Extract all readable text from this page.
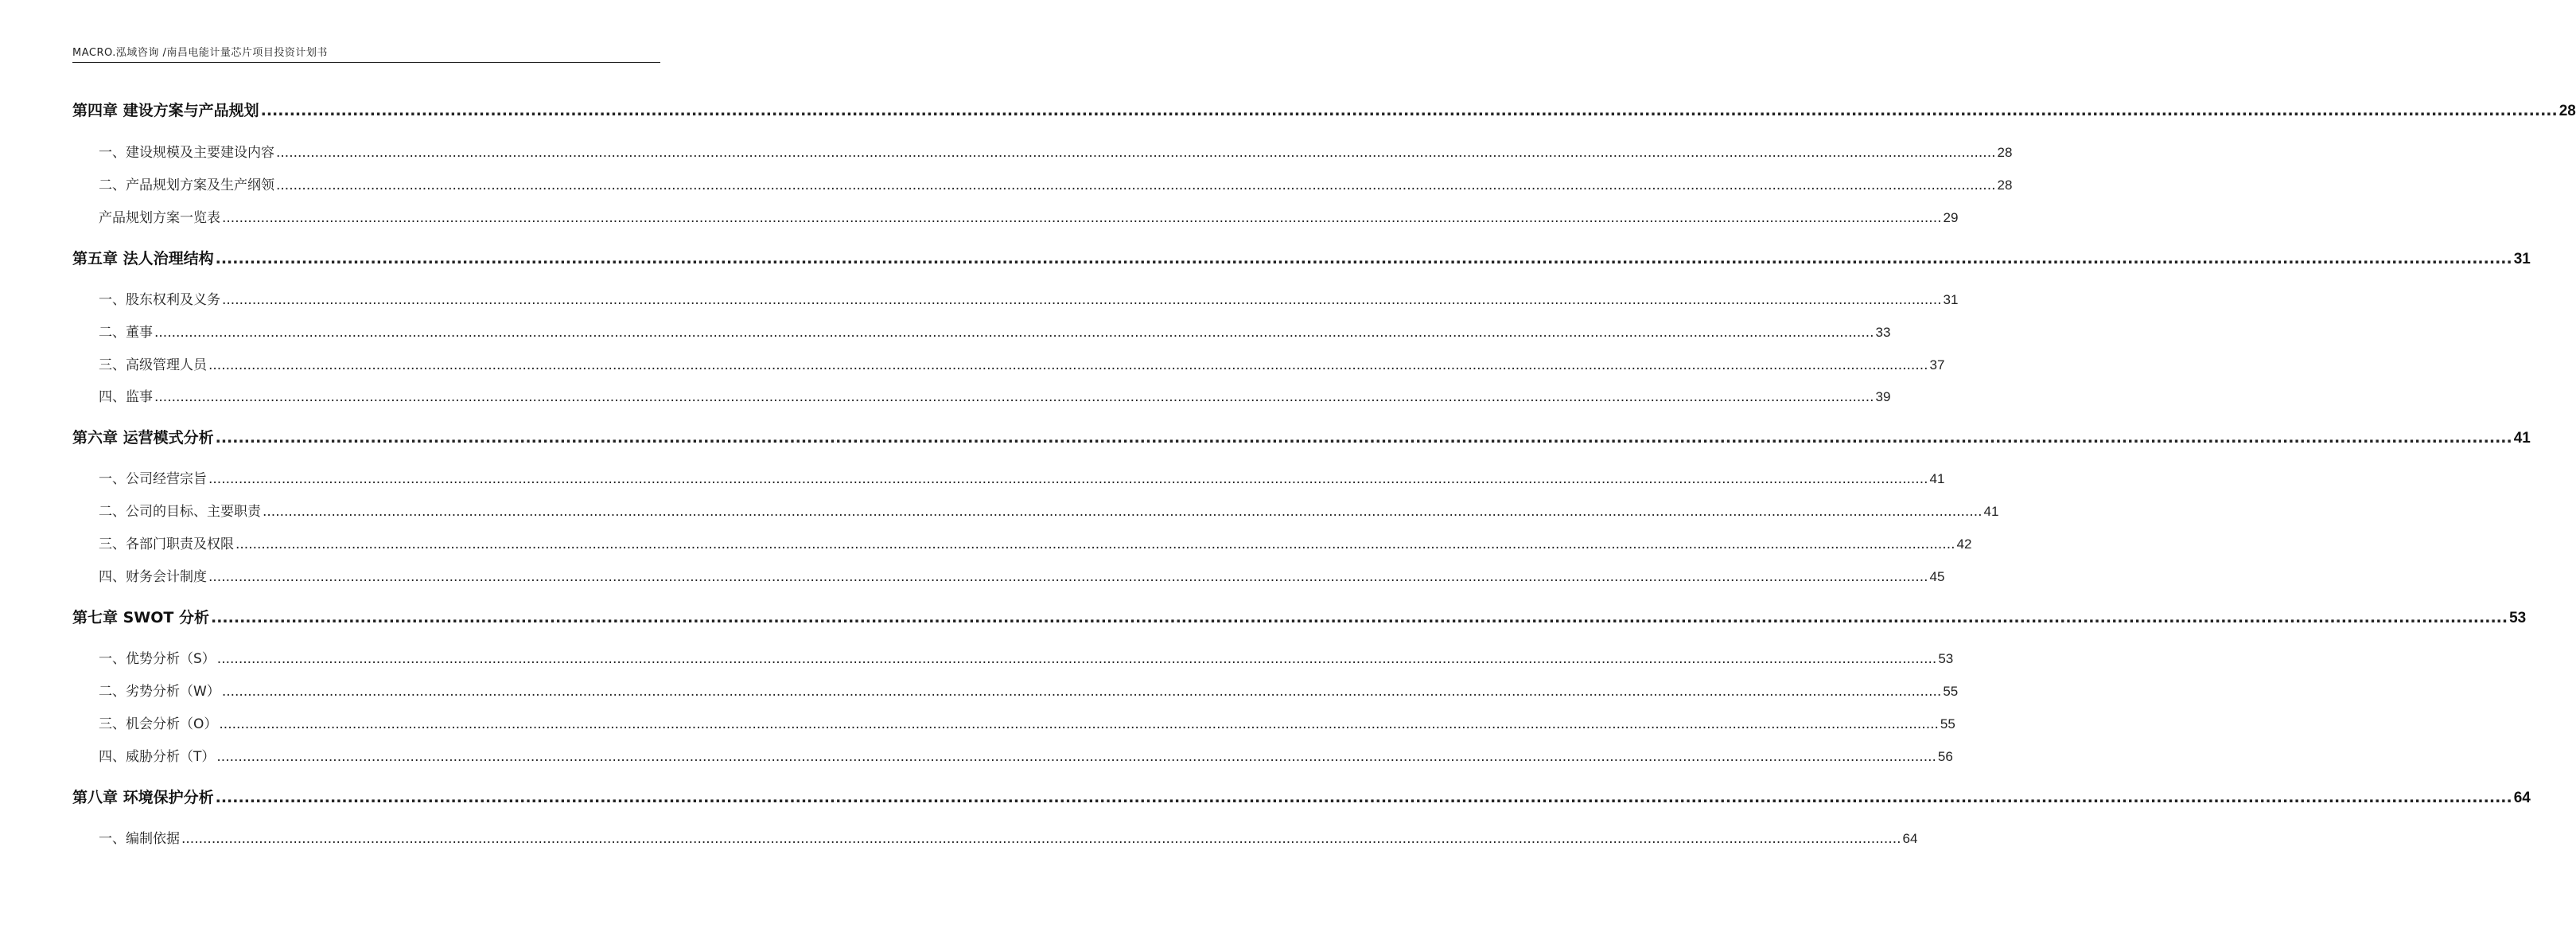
MACRO.泓域咨询 /南昌电能计量芯片项目投资计划书
第四章 建设方案与产品规划 ................................................................................................................................................................................................................................................................................................................................................................................................................ 28
一、 建设规模及主要建设内容 ................................................................................................................................................................................................................................................................................................................................................................................................................ 28
二、 产品规划方案及生产纲领 ................................................................................................................................................................................................................................................................................................................................................................................................................ 28
产品规划方案一览表 ................................................................................................................................................................................................................................................................................................................................................................................................................ 29
第五章 法人治理结构 ................................................................................................................................................................................................................................................................................................................................................................................................................ 31
一、 股东权利及义务 ................................................................................................................................................................................................................................................................................................................................................................................................................ 31
二、 董事 ................................................................................................................................................................................................................................................................................................................................................................................................................ 33
三、 高级管理人员 ................................................................................................................................................................................................................................................................................................................................................................................................................ 37
四、 监事 ................................................................................................................................................................................................................................................................................................................................................................................................................ 39
第六章 运营模式分析 ................................................................................................................................................................................................................................................................................................................................................................................................................ 41
一、 公司经营宗旨 ................................................................................................................................................................................................................................................................................................................................................................................................................ 41
二、 公司的目标、主要职责 ................................................................................................................................................................................................................................................................................................................................................................................................................ 41
三、 各部门职责及权限 ................................................................................................................................................................................................................................................................................................................................................................................................................ 42
四、 财务会计制度 ................................................................................................................................................................................................................................................................................................................................................................................................................ 45
第七章 SWOT 分析 ................................................................................................................................................................................................................................................................................................................................................................................................................ 53
一、 优势分析（S） ................................................................................................................................................................................................................................................................................................................................................................................................................ 53
二、 劣势分析（W） ................................................................................................................................................................................................................................................................................................................................................................................................................ 55
三、 机会分析（O） ................................................................................................................................................................................................................................................................................................................................................................................................................ 55
四、 威胁分析（T） ................................................................................................................................................................................................................................................................................................................................................................................................................ 56
第八章 环境保护分析 ................................................................................................................................................................................................................................................................................................................................................................................................................ 64
一、 编制依据 ................................................................................................................................................................................................................................................................................................................................................................................................................ 64
